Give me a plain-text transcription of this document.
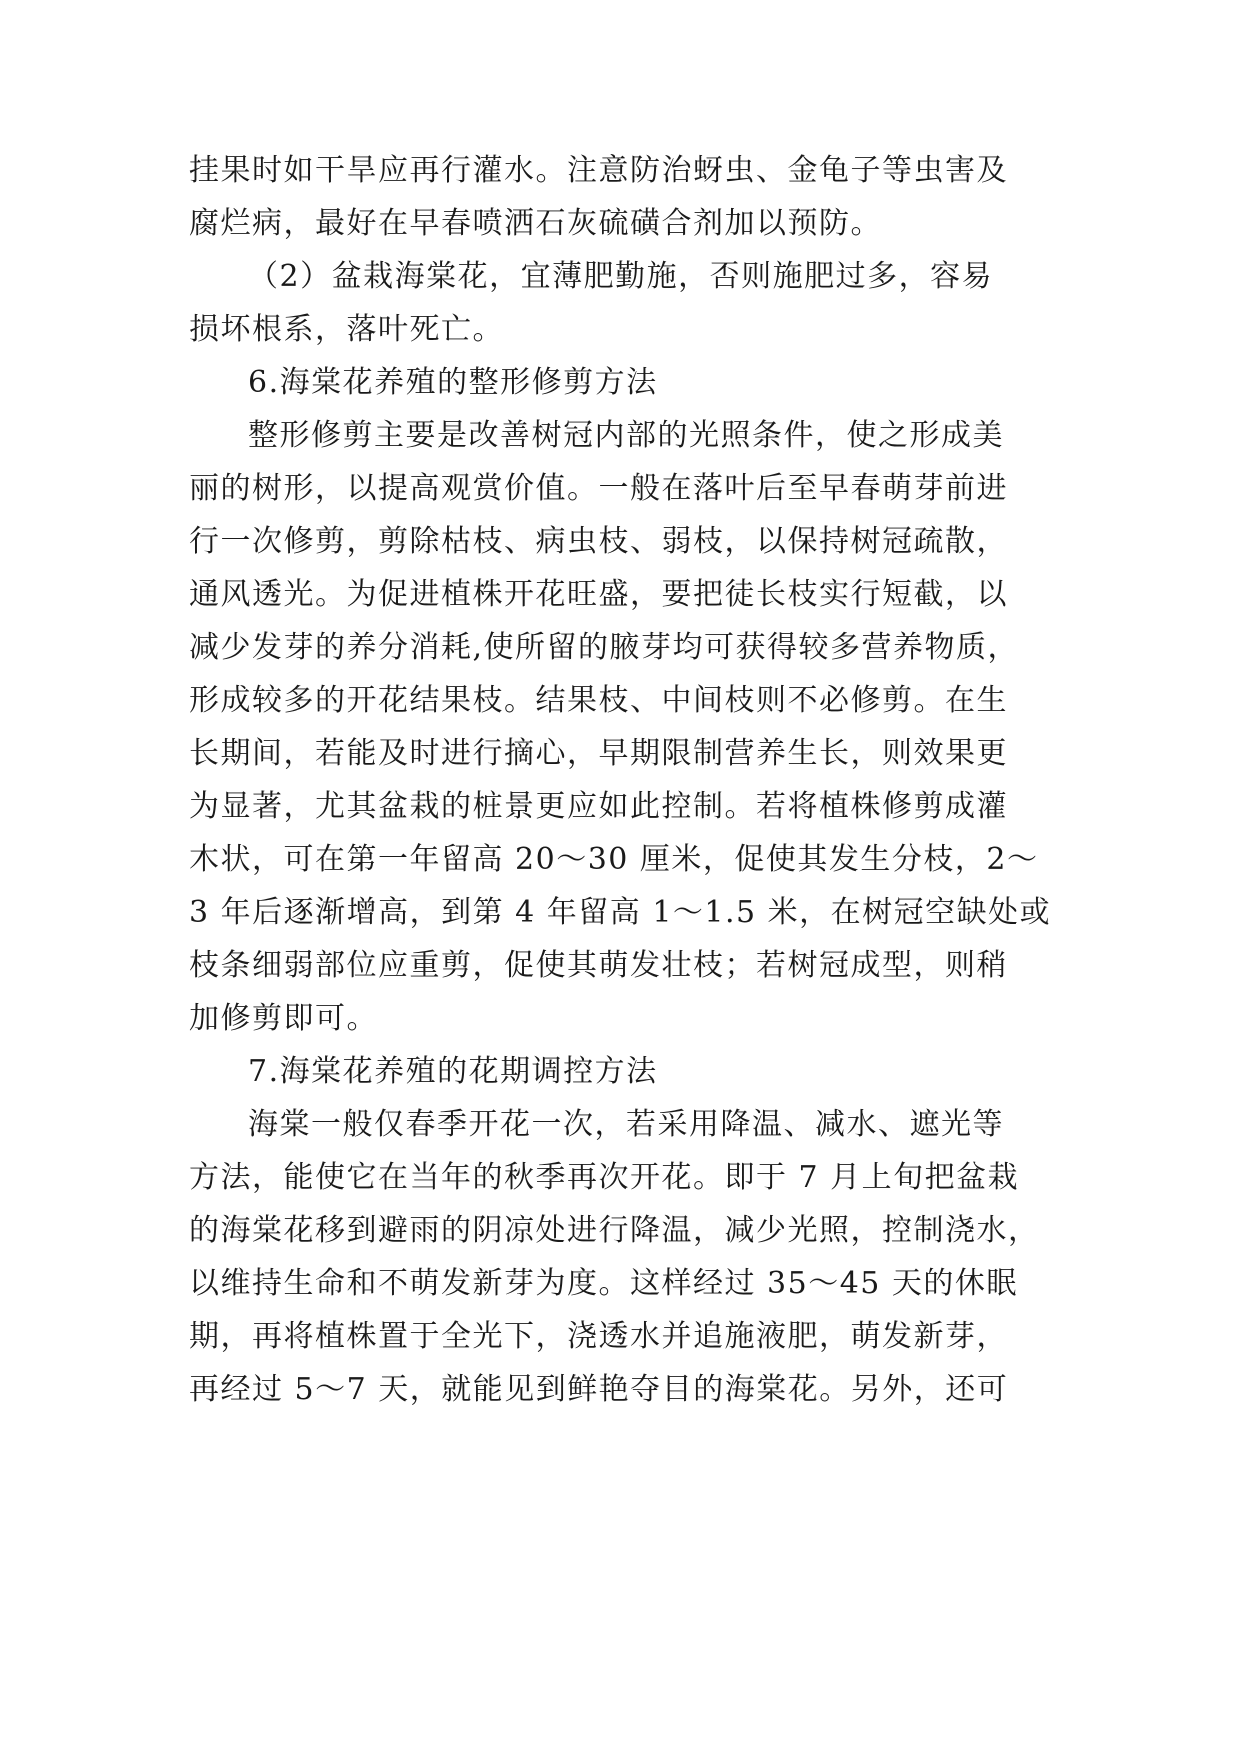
挂果时如干旱应再行灌水。注意防治蚜虫、金龟子等虫害及
腐烂病，最好在早春喷洒石灰硫磺合剂加以预防。
（2）盆栽海棠花，宜薄肥勤施，否则施肥过多，容易
损坏根系，落叶死亡。
6.海棠花养殖的整形修剪方法
整形修剪主要是改善树冠内部的光照条件，使之形成美
丽的树形，以提高观赏价值。一般在落叶后至早春萌芽前进
行一次修剪，剪除枯枝、病虫枝、弱枝，以保持树冠疏散，
通风透光。为促进植株开花旺盛，要把徒长枝实行短截，以
减少发芽的养分消耗,使所留的腋芽均可获得较多营养物质，
形成较多的开花结果枝。结果枝、中间枝则不必修剪。在生
长期间，若能及时进行摘心，早期限制营养生长，则效果更
为显著，尤其盆栽的桩景更应如此控制。若将植株修剪成灌
木状，可在第一年留高 20～30 厘米，促使其发生分枝，2～
3 年后逐渐增高，到第 4 年留高 1～1.5 米，在树冠空缺处或
枝条细弱部位应重剪，促使其萌发壮枝；若树冠成型，则稍
加修剪即可。
7.海棠花养殖的花期调控方法
海棠一般仅春季开花一次，若采用降温、减水、遮光等
方法，能使它在当年的秋季再次开花。即于 7 月上旬把盆栽
的海棠花移到避雨的阴凉处进行降温，减少光照，控制浇水，
以维持生命和不萌发新芽为度。这样经过 35～45 天的休眠
期，再将植株置于全光下，浇透水并追施液肥，萌发新芽，
再经过 5～7 天，就能见到鲜艳夺目的海棠花。另外，还可
